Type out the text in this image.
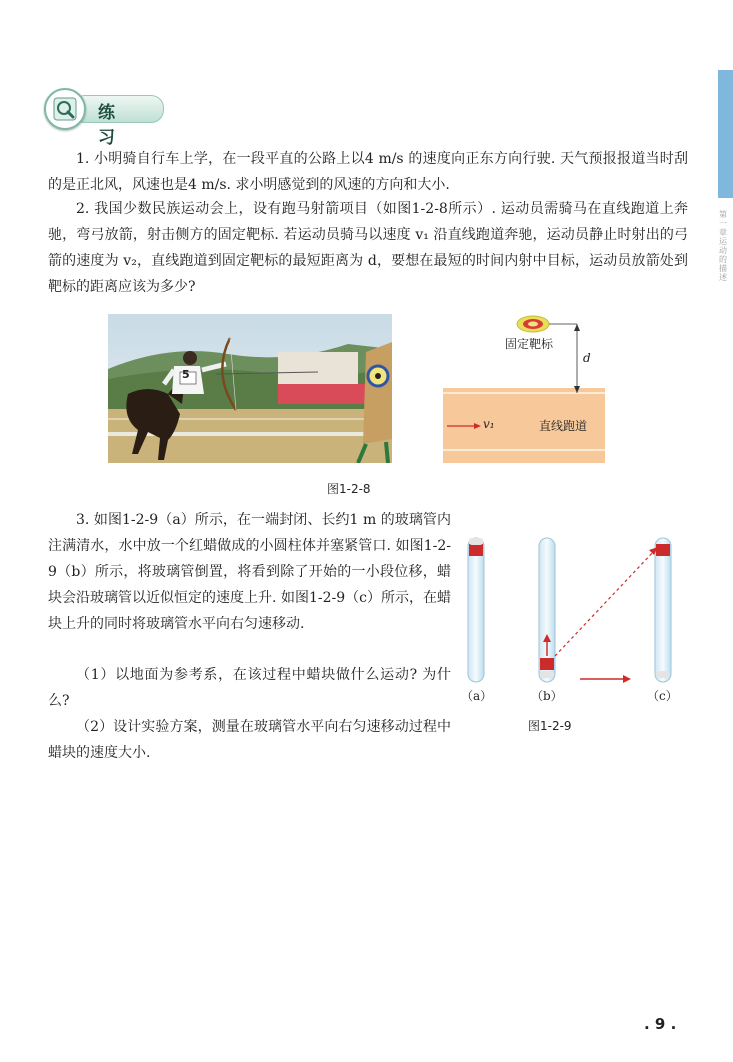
第一章 运动的描述
练 习

1. 小明骑自行车上学，在一段平直的公路上以4 m/s 的速度向正东方向行驶. 天气预报报道当时刮的是正北风，风速也是4 m/s. 求小明感觉到的风速的方向和大小.

2. 我国少数民族运动会上，设有跑马射箭项目（如图1-2-8所示）. 运动员需骑马在直线跑道上奔驰，弯弓放箭，射击侧方的固定靶标. 若运动员骑马以速度 v₁ 沿直线跑道奔驰，运动员静止时射出的弓箭的速度为 v₂，直线跑道到固定靶标的最短距离为 d，要想在最短的时间内射中目标，运动员放箭处到靶标的距离应该为多少?

5
固定靶标
d
v₁	直线跑道
图1-2-8

3. 如图1-2-9（a）所示，在一端封闭、长约1 m 的玻璃管内注满清水，水中放一个红蜡做成的小圆柱体并塞紧管口. 如图1-2-9（b）所示，将玻璃管倒置，将看到除了开始的一小段位移，蜡块会沿玻璃管以近似恒定的速度上升. 如图1-2-9（c）所示，在蜡块上升的同时将玻璃管水平向右匀速移动.

（1）以地面为参考系，在该过程中蜡块做什么运动? 为什么?

（2）设计实验方案，测量在玻璃管水平向右匀速移动过程中蜡块的速度大小.

（a）	（b）	（c）
图1-2-9
. 9 .
